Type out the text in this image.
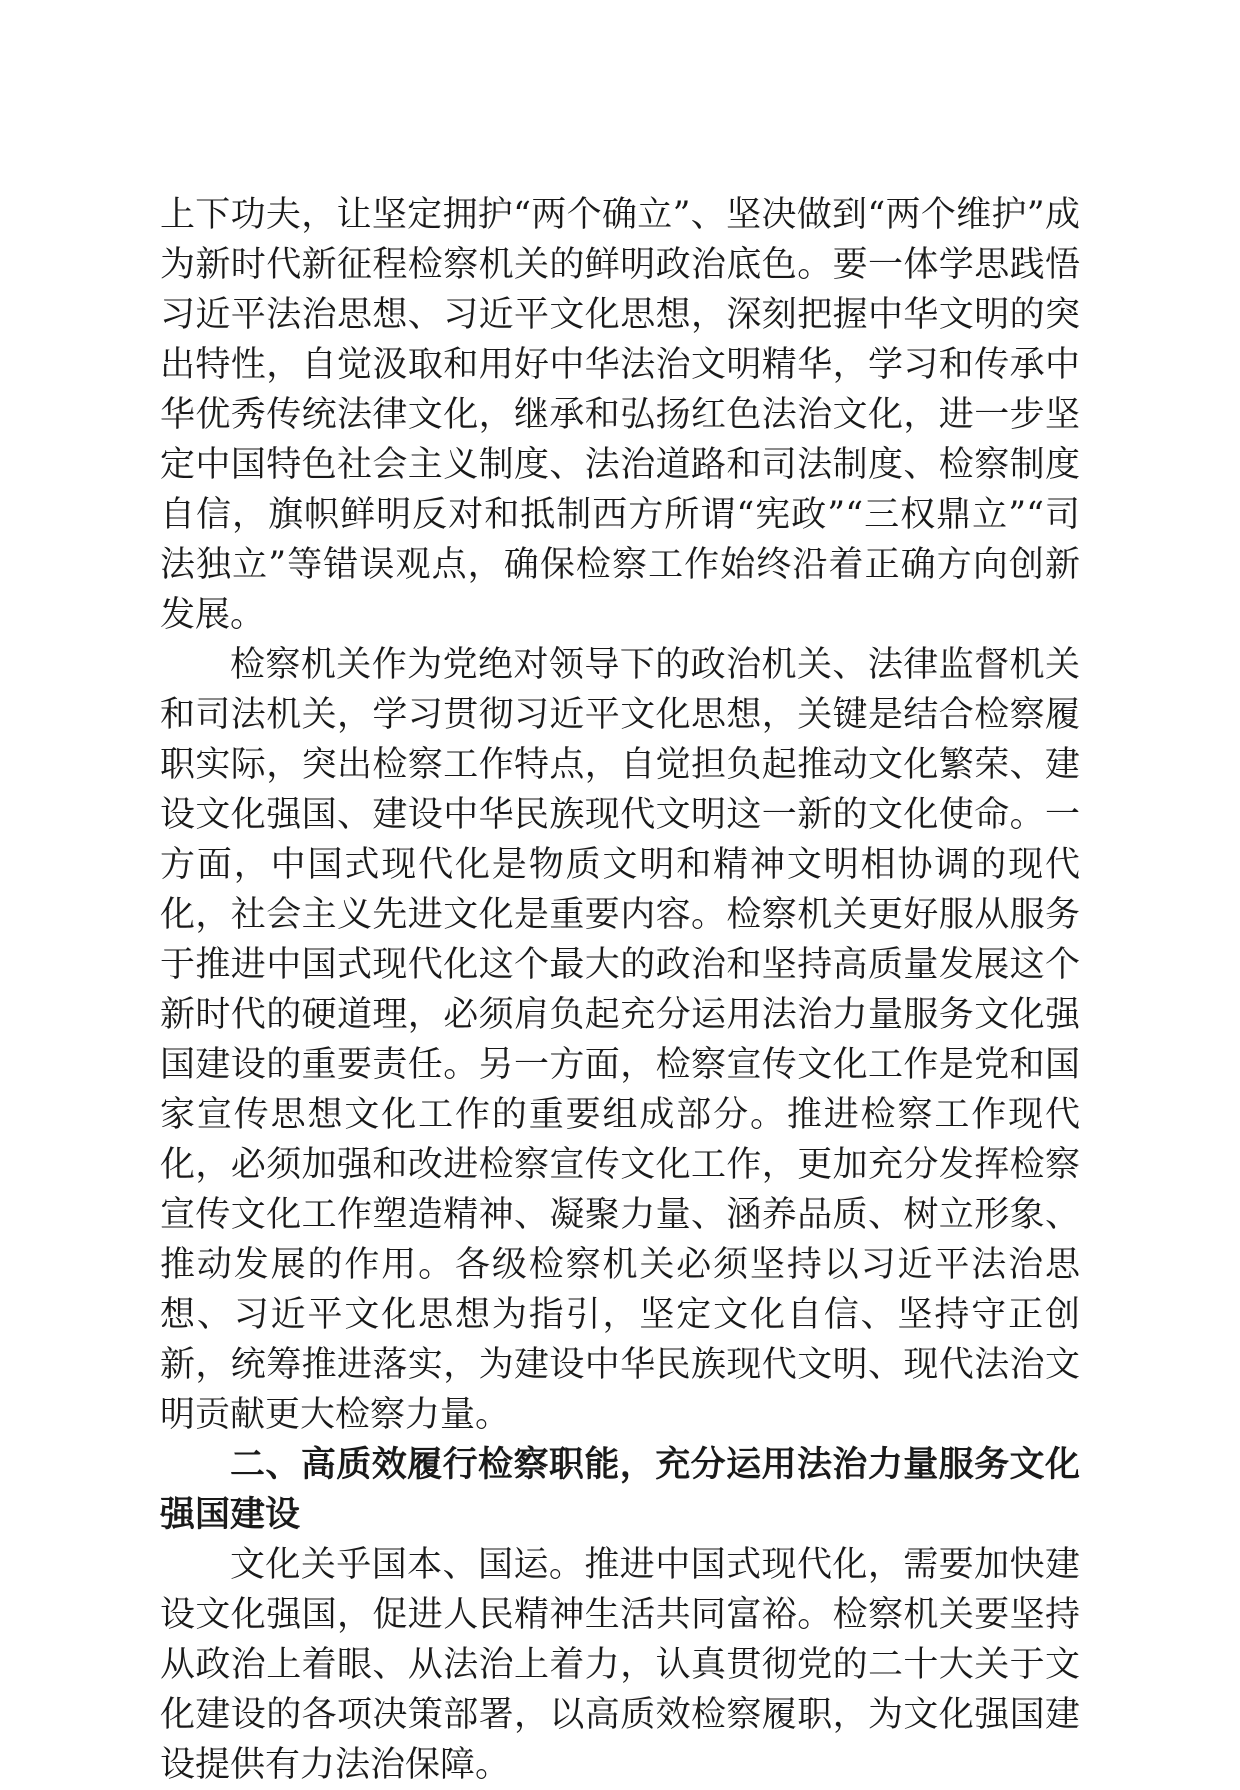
上下功夫，让坚定拥护“两个确立”、坚决做到“两个维护”成为新时代新征程检察机关的鲜明政治底色。要一体学思践悟习近平法治思想、习近平文化思想，深刻把握中华文明的突出特性，自觉汲取和用好中华法治文明精华，学习和传承中华优秀传统法律文化，继承和弘扬红色法治文化，进一步坚定中国特色社会主义制度、法治道路和司法制度、检察制度自信，旗帜鲜明反对和抵制西方所谓“宪政”“三权鼎立”“司法独立”等错误观点，确保检察工作始终沿着正确方向创新发展。

检察机关作为党绝对领导下的政治机关、法律监督机关和司法机关，学习贯彻习近平文化思想，关键是结合检察履职实际，突出检察工作特点，自觉担负起推动文化繁荣、建设文化强国、建设中华民族现代文明这一新的文化使命。一方面，中国式现代化是物质文明和精神文明相协调的现代化，社会主义先进文化是重要内容。检察机关更好服从服务于推进中国式现代化这个最大的政治和坚持高质量发展这个新时代的硬道理，必须肩负起充分运用法治力量服务文化强国建设的重要责任。另一方面，检察宣传文化工作是党和国家宣传思想文化工作的重要组成部分。推进检察工作现代化，必须加强和改进检察宣传文化工作，更加充分发挥检察宣传文化工作塑造精神、凝聚力量、涵养品质、树立形象、推动发展的作用。各级检察机关必须坚持以习近平法治思想、习近平文化思想为指引，坚定文化自信、坚持守正创新，统筹推进落实，为建设中华民族现代文明、现代法治文明贡献更大检察力量。

二、高质效履行检察职能，充分运用法治力量服务文化强国建设

文化关乎国本、国运。推进中国式现代化，需要加快建设文化强国，促进人民精神生活共同富裕。检察机关要坚持从政治上着眼、从法治上着力，认真贯彻党的二十大关于文化建设的各项决策部署，以高质效检察履职，为文化强国建设提供有力法治保障。
